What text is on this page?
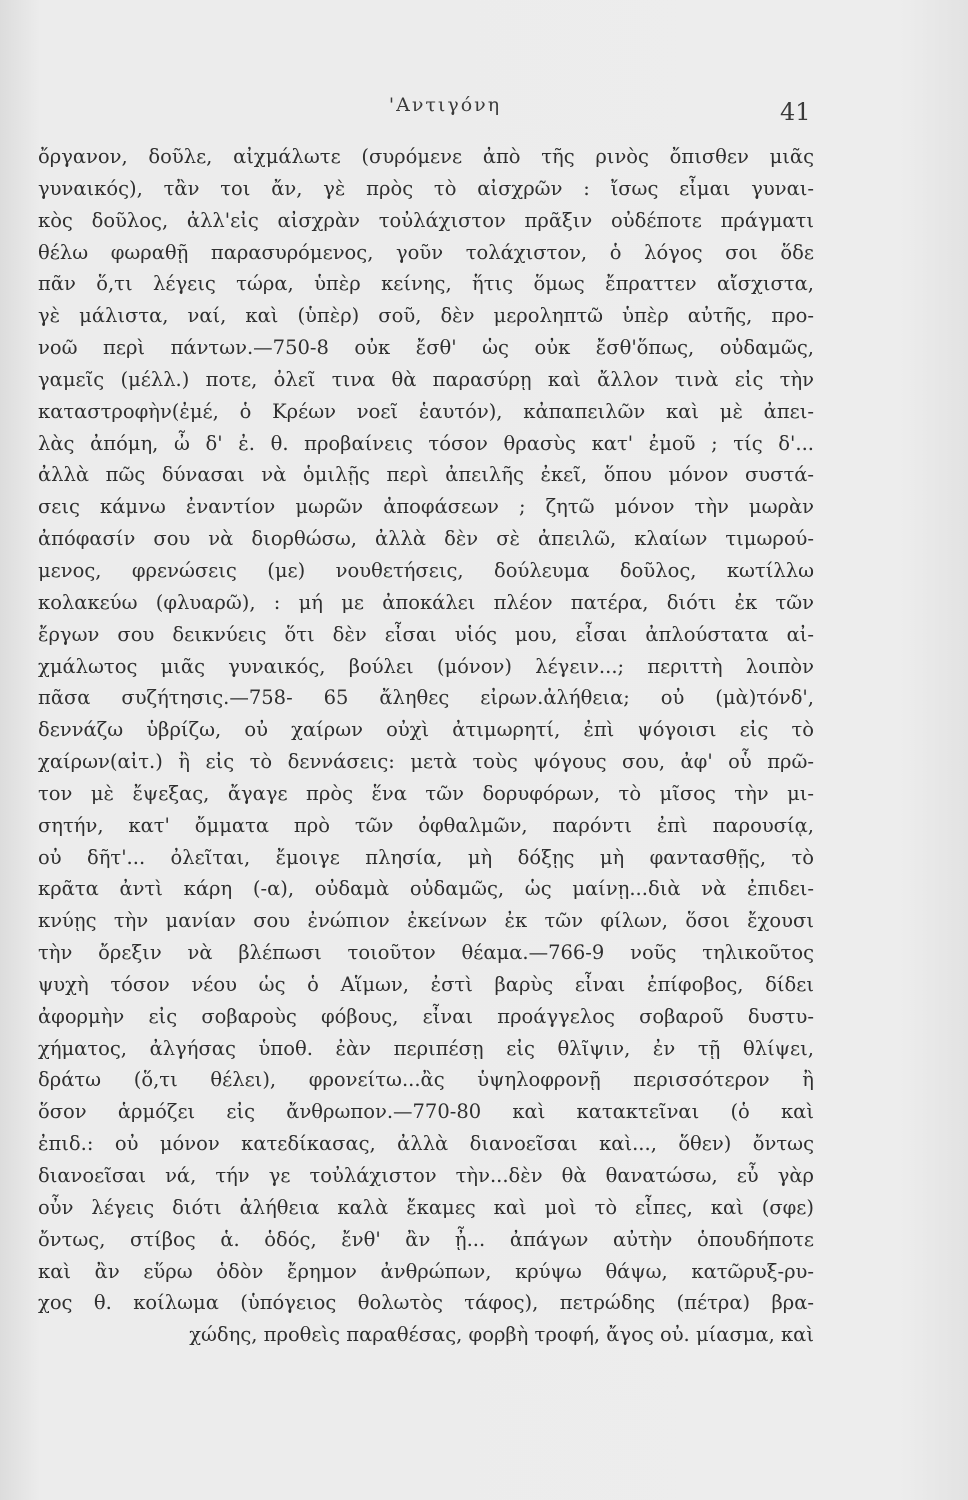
'Αντιγόνη	41
ὄργανον, δοῦλε, αἰχμάλωτε (συρόμενε ἀπὸ τῆς ρινὸς ὄπισθεν μιᾶς
γυναικός), τἂν τοι ἄν, γὲ πρὸς τὸ αἰσχρῶν : ἴσως εἶμαι γυναι-
κὸς δοῦλος, ἀλλ'εἰς αἰσχρὰν τοὐλάχιστον πρᾶξιν οὐδέποτε πράγματι
θέλω φωραθῇ παρασυρόμενος, γοῦν τολάχιστον, ὁ λόγος σοι ὅδε
πᾶν ὅ,τι λέγεις τώρα, ὑπὲρ κείνης, ἥτις ὅμως ἔπραττεν αἴσχιστα,
γὲ μάλιστα, ναί, καὶ (ὑπὲρ) σοῦ, δὲν μεροληπτῶ ὑπὲρ αὐτῆς, προ-
νοῶ περὶ πάντων.—750-8 οὐκ ἔσθ' ὡς οὐκ ἔσθ'ὅπως, οὐδαμῶς,
γαμεῖς (μέλλ.) ποτε, ὀλεῖ τινα θὰ παρασύρῃ καὶ ἄλλον τινὰ εἰς τὴν
καταστροφὴν(ἐμέ, ὁ Κρέων νοεῖ ἑαυτόν), κἀπαπειλῶν καὶ μὲ ἀπει-
λὰς ἀπόμη, ὦ δ' ἐ. θ. προβαίνεις τόσον θρασὺς κατ' ἐμοῦ ; τίς δ'...
ἀλλὰ πῶς δύνασαι νὰ ὁμιλῇς περὶ ἀπειλῆς ἐκεῖ, ὅπου μόνον συστά-
σεις κάμνω ἐναντίον μωρῶν ἀποφάσεων ; ζητῶ μόνον τὴν μωρὰν
ἀπόφασίν σου νὰ διορθώσω, ἀλλὰ δὲν σὲ ἀπειλῶ, κλαίων τιμωρού-
μενος, φρενώσεις (με) νουθετήσεις, δούλευμα δοῦλος, κωτίλλω
κολακεύω (φλυαρῶ), : μή με ἀποκάλει πλέον πατέρα, διότι ἐκ τῶν
ἔργων σου δεικνύεις ὅτι δὲν εἶσαι υἱός μου, εἶσαι ἀπλούστατα αἰ-
χμάλωτος μιᾶς γυναικός, βούλει (μόνον) λέγειν...; περιττὴ λοιπὸν
πᾶσα συζήτησις.—758- 65 ἄληθες εἰρων.ἀλήθεια; οὐ (μὰ)τόνδ',
δεννάζω ὑβρίζω, οὐ χαίρων οὐχὶ ἀτιμωρητί, ἐπὶ ψόγοισι εἰς τὸ
χαίρων(αἰτ.) ἢ εἰς τὸ δεννάσεις: μετὰ τοὺς ψόγους σου, ἀφ' οὗ πρῶ-
τον μὲ ἔψεξας, ἄγαγε πρὸς ἕνα τῶν δορυφόρων, τὸ μῖσος τὴν μι-
σητήν, κατ' ὄμματα πρὸ τῶν ὀφθαλμῶν, παρόντι ἐπὶ παρουσίᾳ,
οὐ δῆτ'... ὀλεῖται, ἔμοιγε πλησία, μὴ δόξῃς μὴ φαντασθῇς, τὸ
κρᾶτα ἀντὶ κάρη (-α), οὐδαμὰ οὐδαμῶς, ὡς μαίνῃ...διὰ νὰ ἐπιδει-
κνύῃς τὴν μανίαν σου ἐνώπιον ἐκείνων ἐκ τῶν φίλων, ὅσοι ἔχουσι
τὴν ὄρεξιν νὰ βλέπωσι τοιοῦτον θέαμα.—766-9 νοῦς τηλικοῦτος
ψυχὴ τόσον νέου ὡς ὁ Αἵμων, ἐστὶ βαρὺς εἶναι ἐπίφοβος, δίδει
ἀφορμὴν εἰς σοβαροὺς φόβους, εἶναι προάγγελος σοβαροῦ δυστυ-
χήματος, ἀλγήσας ὑποθ. ἐὰν περιπέσῃ εἰς θλῖψιν, ἐν τῇ θλίψει,
δράτω (ὅ,τι θέλει), φρονείτω...ἂς ὑψηλοφρονῇ περισσότερον ἢ
ὅσον ἁρμόζει εἰς ἄνθρωπον.—770-80 καὶ κατακτεῖναι (ὁ καὶ
ἐπιδ.: οὐ μόνον κατεδίκασας, ἀλλὰ διανοεῖσαι καὶ..., ὅθεν) ὄντως
διανοεῖσαι νά, τήν γε τοὐλάχιστον τὴν...δὲν θὰ θανατώσω, εὖ γὰρ
οὖν λέγεις διότι ἀλήθεια καλὰ ἔκαμες καὶ μοὶ τὸ εἶπες, καὶ (σφε)
ὄντως, στίβος ἁ. ὁδός, ἔνθ' ἂν ᾖ... ἀπάγων αὐτὴν ὁπουδήποτε
καὶ ἂν εὕρω ὁδὸν ἔρημον ἀνθρώπων, κρύψω θάψω, κατῶρυξ-ρυ-
χος θ. κοίλωμα (ὑπόγειος θολωτὸς τάφος), πετρώδης (πέτρα) βρα-
χώδης, προθεὶς παραθέσας, φορβὴ τροφή, ἄγος οὐ. μίασμα, καὶ
